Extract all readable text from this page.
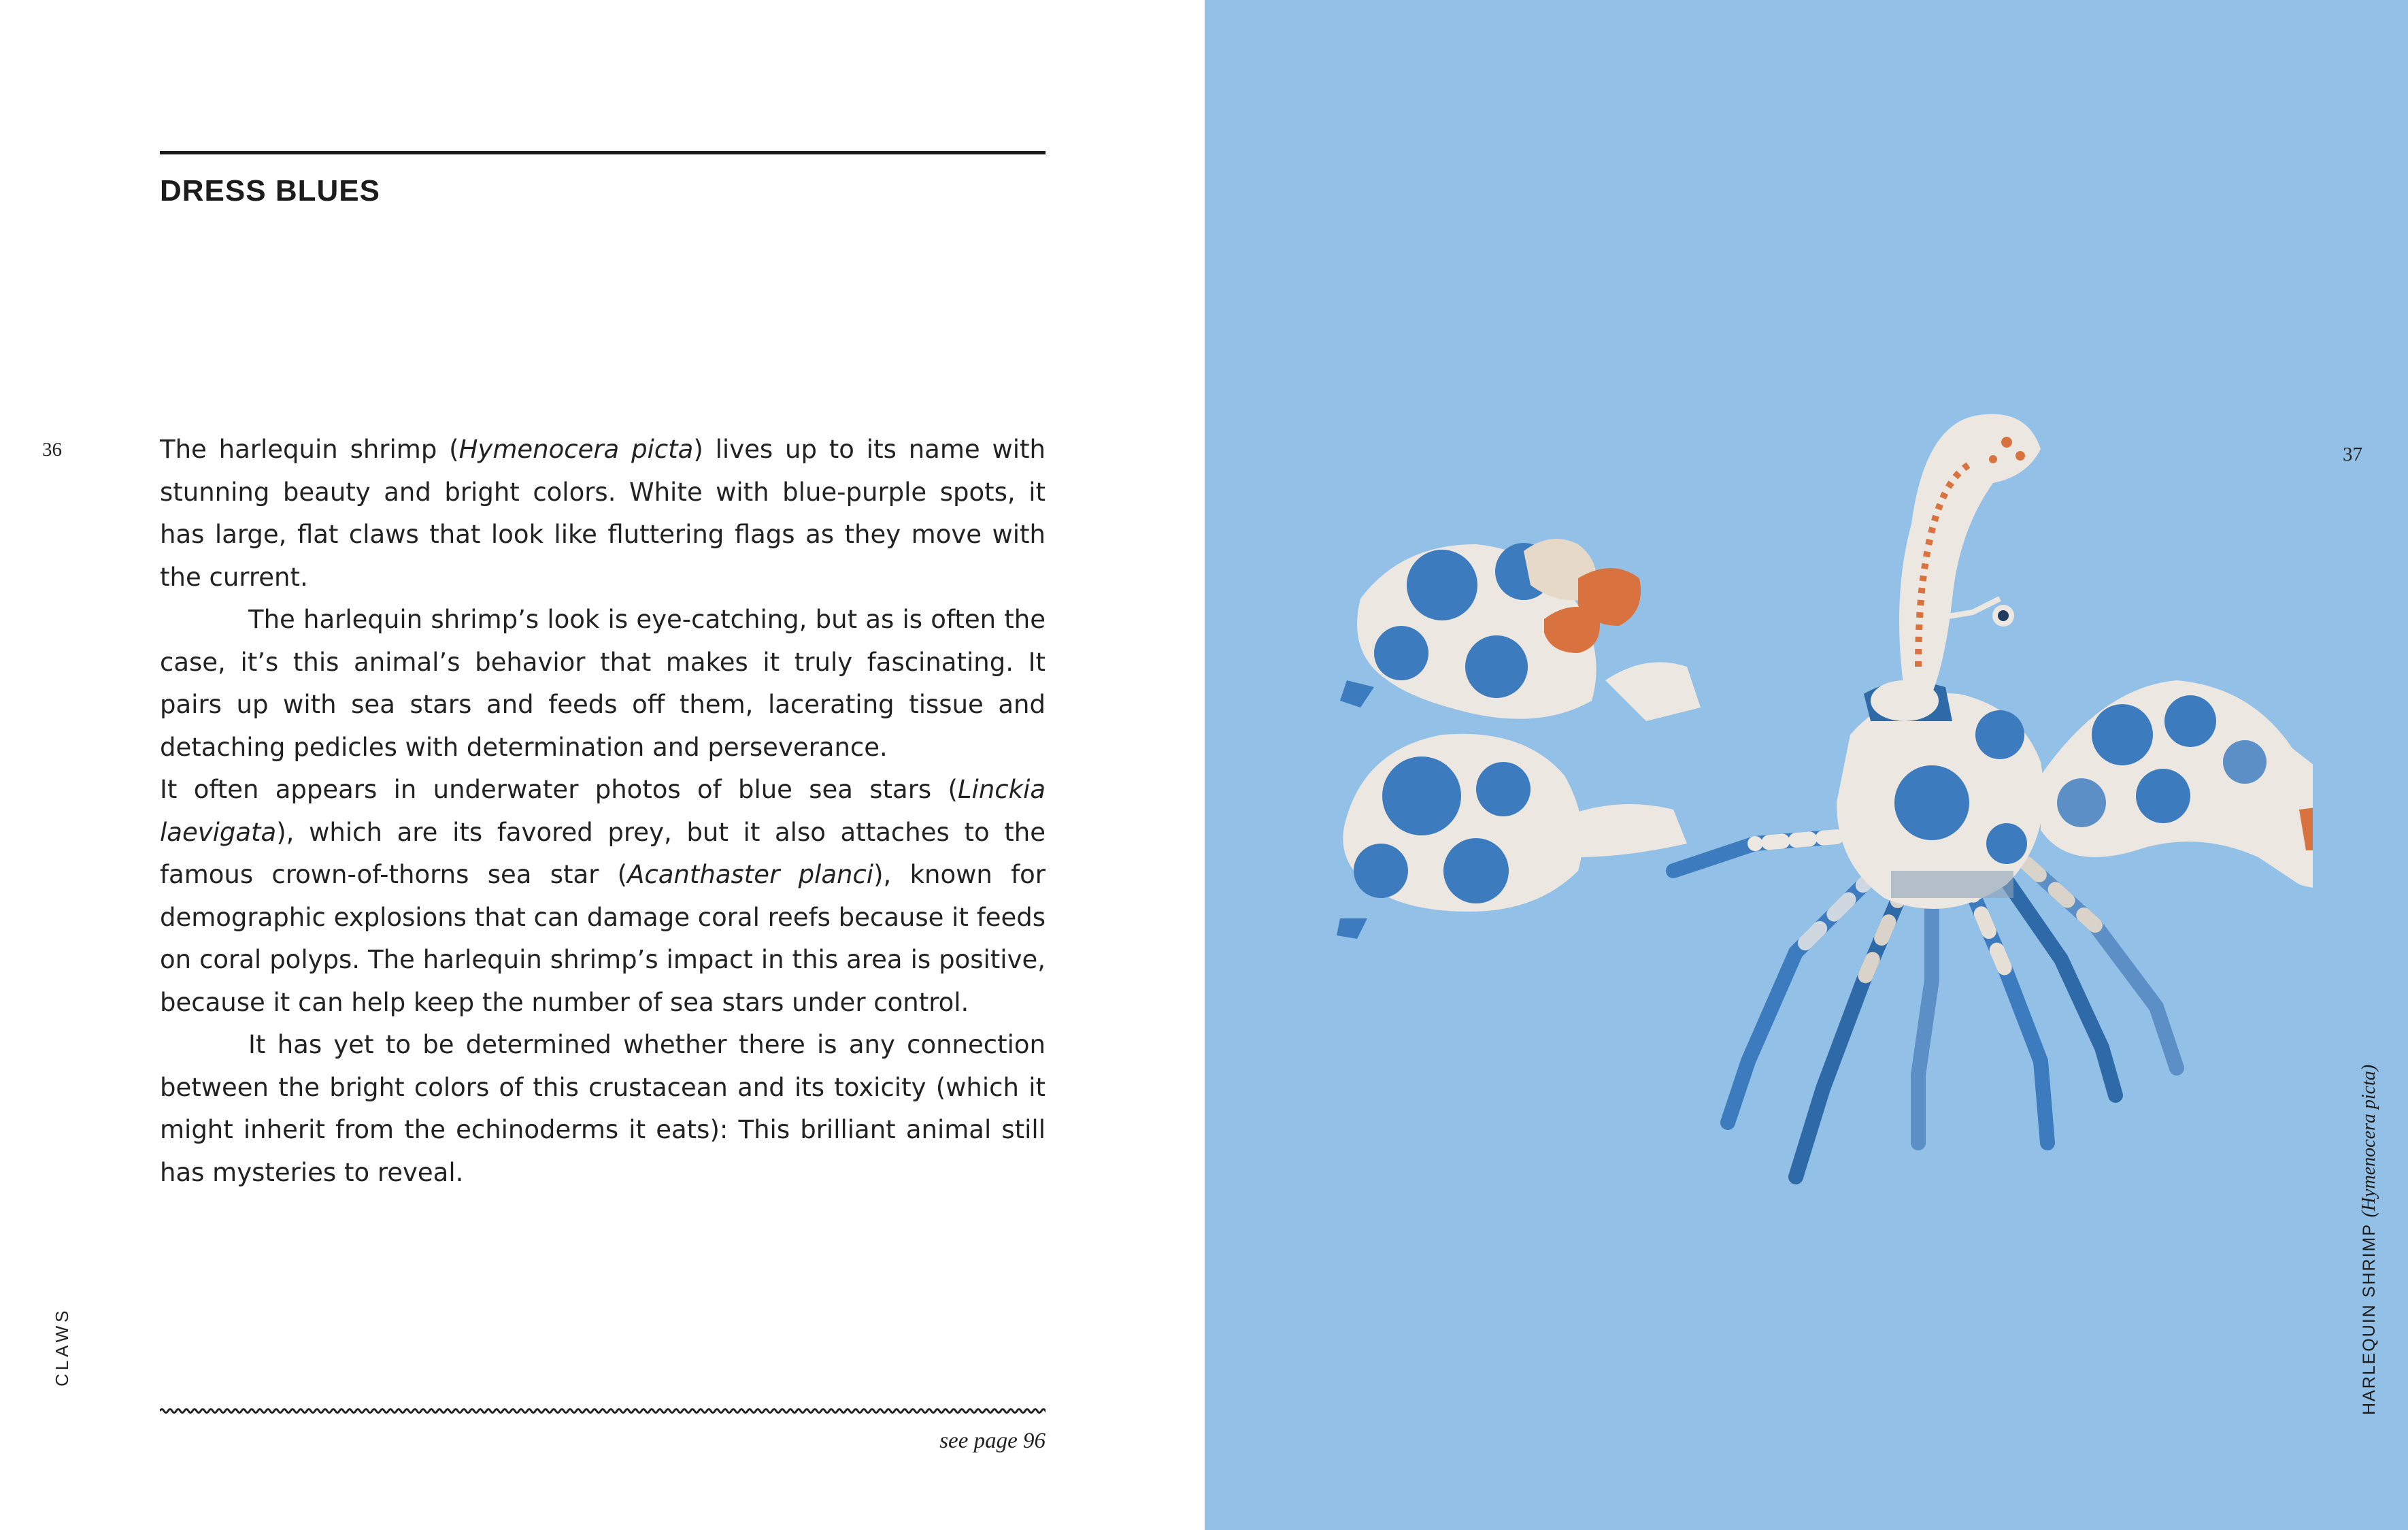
DRESS BLUES
36	The harlequin shrimp (Hymenocera picta) lives up to its name with stunning beauty and bright colors. White with blue-purple spots, it has large, flat claws that look like fluttering flags as they move with the current.

The harlequin shrimp’s look is eye-catching, but as is often the case, it’s this animal’s behavior that makes it truly fascinating. It pairs up with sea stars and feeds off them, lacerating tissue and detaching pedicles with determination and perseverance.

It often appears in underwater photos of blue sea stars (Linckia laevigata), which are its favored prey, but it also attaches to the famous crown-of-thorns sea star (Acanthaster planci), known for demographic explosions that can damage coral reefs because it feeds on coral polyps. The harlequin shrimp’s impact in this area is positive, because it can help keep the number of sea stars under control.

It has yet to be determined whether there is any connection between the bright colors of this crustacean and its toxicity (which it might inherit from the echinoderms it eats): This brilliant animal still has mysteries to reveal.

CLAWS
see page 96
37
HARLEQUIN SHRIMP (Hymenocera picta)
